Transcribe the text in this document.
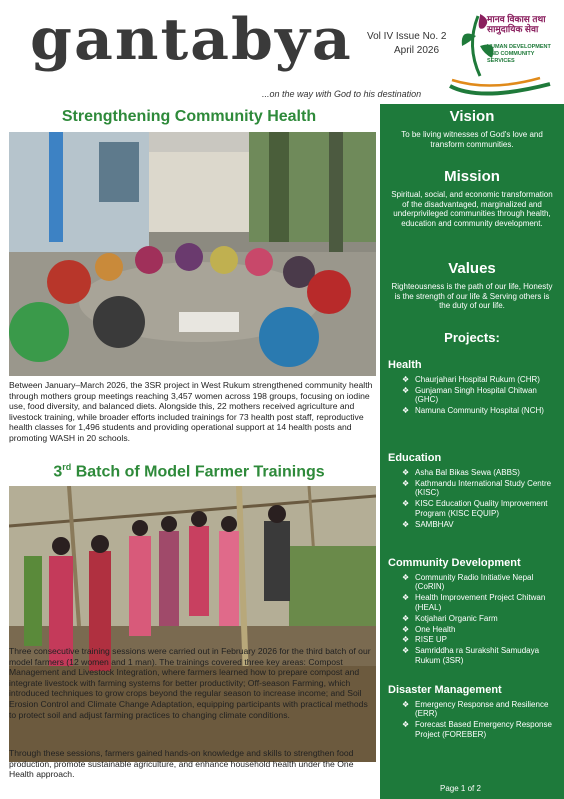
gantabya
...on the way with God to his destination
Vol IV Issue No. 2
April 2026
मानव विकास तथा सामुदायिक सेवा
HUMAN DEVELOPMENT AND COMMUNITY SERVICES
Strengthening Community Health
Between January–March 2026, the 3SR project in West Rukum strengthened community health through mothers group meetings reaching 3,457 women across 198 groups, focusing on iodine use, food diversity, and balanced diets. Alongside this, 22 mothers received agriculture and livestock training, while broader efforts included trainings for 73 health post staff, reproductive health classes for 1,496 students and providing operational support at 14 health posts and promoting WASH in 20 schools.
3rd Batch of Model Farmer Trainings
Three consecutive training sessions were carried out in February 2026 for the third batch of our model farmers (12 women and 1 man). The trainings covered three key areas: Compost Management and Livestock Integration, where farmers learned how to prepare compost and integrate livestock with farming systems for better productivity; Off-season Farming, which introduced techniques to grow crops beyond the regular season to increase income; and Soil Erosion Control and Climate Change Adaptation, equipping participants with practical methods to protect soil and adjust farming practices to changing climate conditions.
Through these sessions, farmers gained hands-on knowledge and skills to strengthen food production, promote sustainable agriculture, and enhance household health under the One Health approach.
Vision
To be living witnesses of God's love and transform communities.
Mission
Spiritual, social, and economic transformation of the disadvantaged, marginalized and underprivileged communities through health, education and community development.
Values
Righteousness is the path of our life, Honesty is the strength of our life & Serving others is the duty of our life.
Projects:
Health
❖ Chaurjahari Hospital Rukum (CHR)
❖ Gunjaman Singh Hospital Chitwan (GHC)
❖ Namuna Community Hospital (NCH)
Education
❖ Asha Bal Bikas Sewa (ABBS)
❖ Kathmandu International Study Centre (KISC)
❖ KISC Education Quality Improvement Program (KISC EQUIP)
❖ SAMBHAV
Community Development
❖ Community Radio Initiative Nepal (CoRIN)
❖ Health Improvement Project Chitwan (HEAL)
❖ Kotjahari Organic Farm
❖ One Health
❖ RISE UP
❖ Samriddha ra Surakshit Samudaya Rukum (3SR)
Disaster Management
❖ Emergency Response and Resilience (ERR)
❖ Forecast Based Emergency Response Project (FOREBER)
Page 1 of 2
